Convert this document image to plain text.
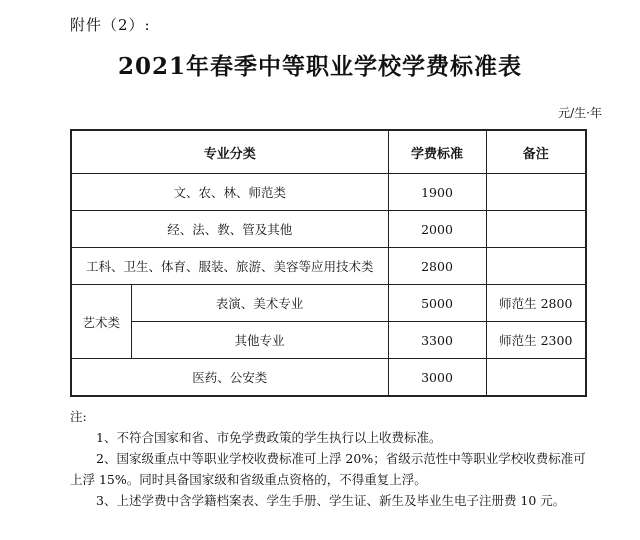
附件（2）:
2021年春季中等职业学校学费标准表
元/生·年
专业分类		学费标准	备注
文、农、林、师范类		1900	
经、法、教、管及其他		2000	
工科、卫生、体育、服装、旅游、美容等应用技术类		2800	
艺术类	表演、美术专业	5000	师范生 2800
	其他专业	3300	师范生 2300
医药、公安类		3000	

注:

1、不符合国家和省、市免学费政策的学生执行以上收费标准。

2、国家级重点中等职业学校收费标准可上浮 20%；省级示范性中等职业学校收费标准可上浮 15%。同时具备国家级和省级重点资格的，不得重复上浮。

3、上述学费中含学籍档案表、学生手册、学生证、新生及毕业生电子注册费 10 元。
